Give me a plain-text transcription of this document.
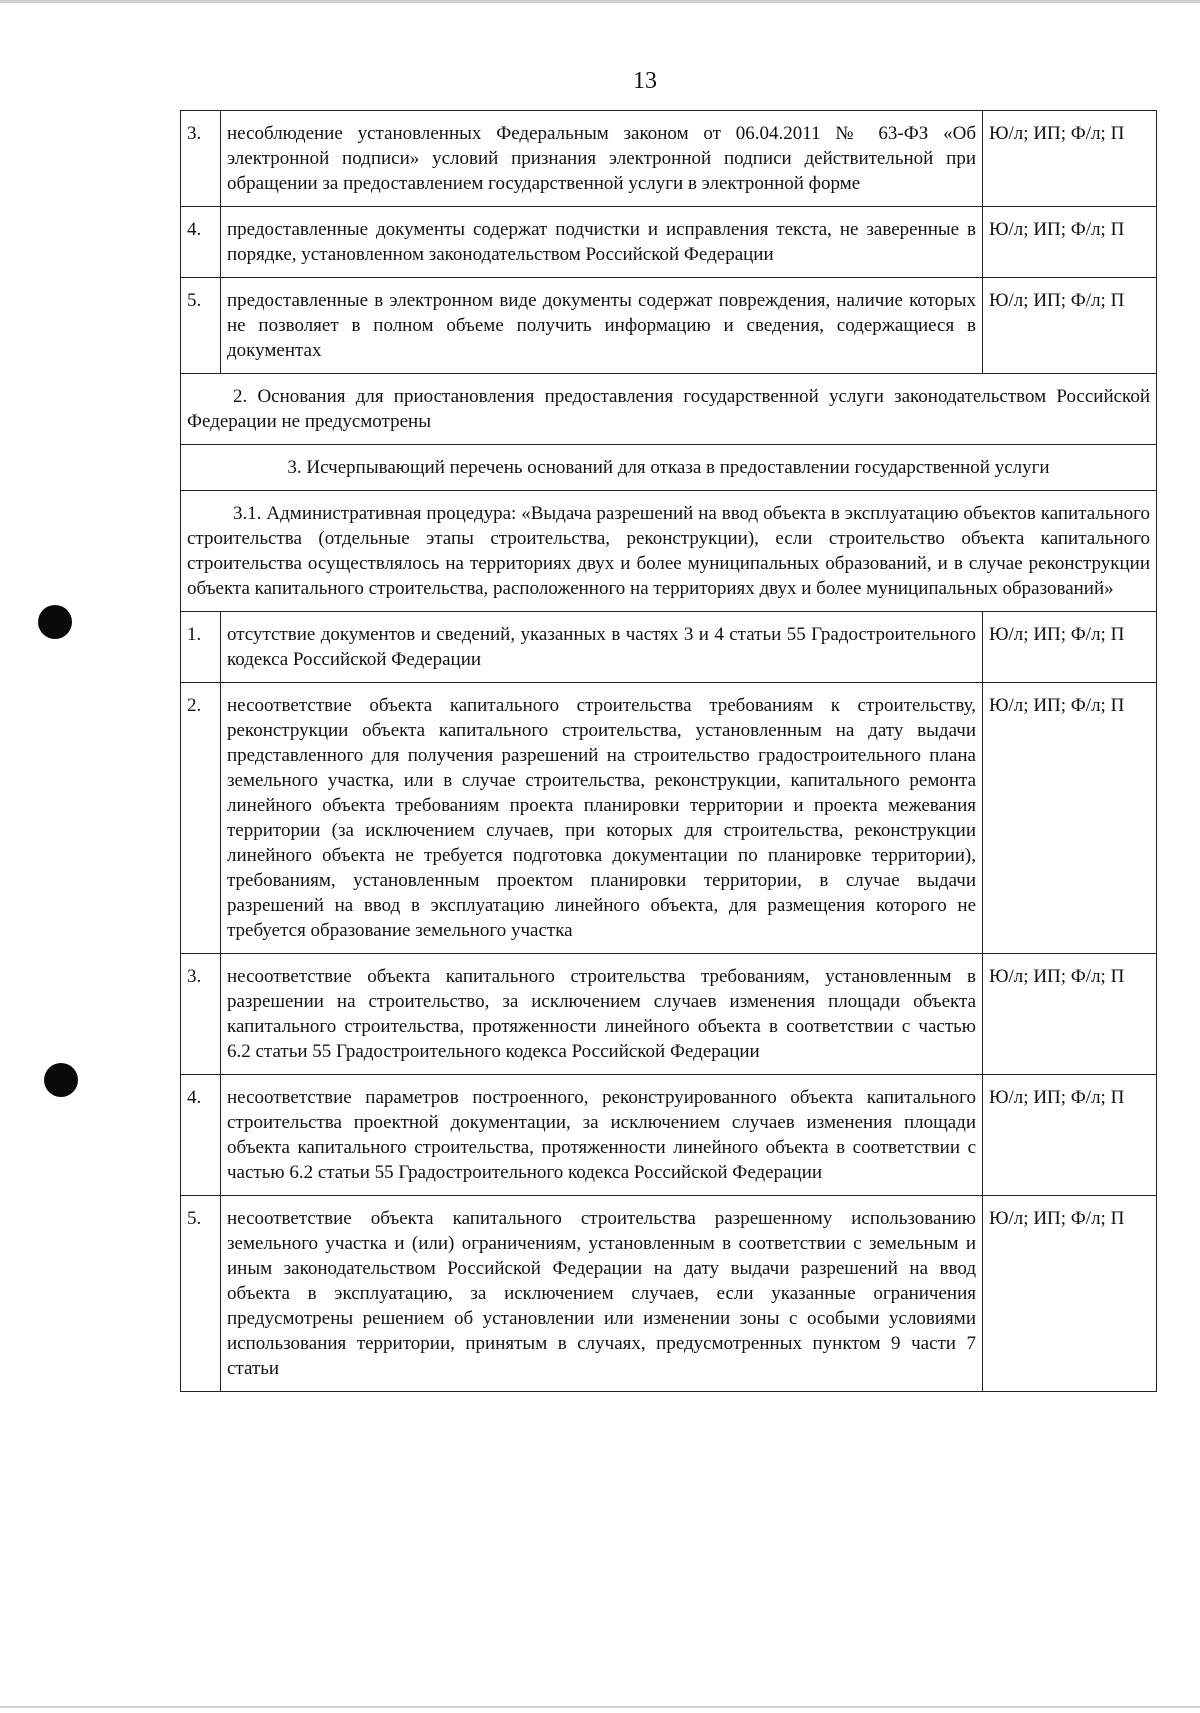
13
3.	несоблюдение установленных Федеральным законом от 06.04.2011 № 63-ФЗ «Об электронной подписи» условий признания электронной подписи действительной при обращении за предоставлением государственной услуги в электронной форме	Ю/л; ИП; Ф/л; П
4.	предоставленные документы содержат подчистки и исправления текста, не заверенные в порядке, установленном законодательством Российской Федерации	Ю/л; ИП; Ф/л; П
5.	предоставленные в электронном виде документы содержат повреждения, наличие которых не позволяет в полном объеме получить информацию и сведения, содержащиеся в документах	Ю/л; ИП; Ф/л; П
2. Основания для приостановления предоставления государственной услуги законодательством Российской Федерации не предусмотрены		
3. Исчерпывающий перечень оснований для отказа в предоставлении государственной услуги		
3.1. Административная процедура: «Выдача разрешений на ввод объекта в эксплуатацию объектов капитального строительства (отдельные этапы строительства, реконструкции), если строительство объекта капитального строительства осуществлялось на территориях двух и более муниципальных образований, и в случае реконструкции объекта капитального строительства, расположенного на территориях двух и более муниципальных образований»		
1.	отсутствие документов и сведений, указанных в частях 3 и 4 статьи 55 Градостроительного кодекса Российской Федерации	Ю/л; ИП; Ф/л; П
2.	несоответствие объекта капитального строительства требованиям к строительству, реконструкции объекта капитального строительства, установленным на дату выдачи представленного для получения разрешений на строительство градостроительного плана земельного участка, или в случае строительства, реконструкции, капитального ремонта линейного объекта требованиям проекта планировки территории и проекта межевания территории (за исключением случаев, при которых для строительства, реконструкции линейного объекта не требуется подготовка документации по планировке территории), требованиям, установленным проектом планировки территории, в случае выдачи разрешений на ввод в эксплуатацию линейного объекта, для размещения которого не требуется образование земельного участка	Ю/л; ИП; Ф/л; П
3.	несоответствие объекта капитального строительства требованиям, установленным в разрешении на строительство, за исключением случаев изменения площади объекта капитального строительства, протяженности линейного объекта в соответствии с частью 6.2 статьи 55 Градостроительного кодекса Российской Федерации	Ю/л; ИП; Ф/л; П
4.	несоответствие параметров построенного, реконструированного объекта капитального строительства проектной документации, за исключением случаев изменения площади объекта капитального строительства, протяженности линейного объекта в соответствии с частью 6.2 статьи 55 Градостроительного кодекса Российской Федерации	Ю/л; ИП; Ф/л; П
5.	несоответствие объекта капитального строительства разрешенному использованию земельного участка и (или) ограничениям, установленным в соответствии с земельным и иным законодательством Российской Федерации на дату выдачи разрешений на ввод объекта в эксплуатацию, за исключением случаев, если указанные ограничения предусмотрены решением об установлении или изменении зоны с особыми условиями использования территории, принятым в случаях, предусмотренных пунктом 9 части 7 статьи	Ю/л; ИП; Ф/л; П
